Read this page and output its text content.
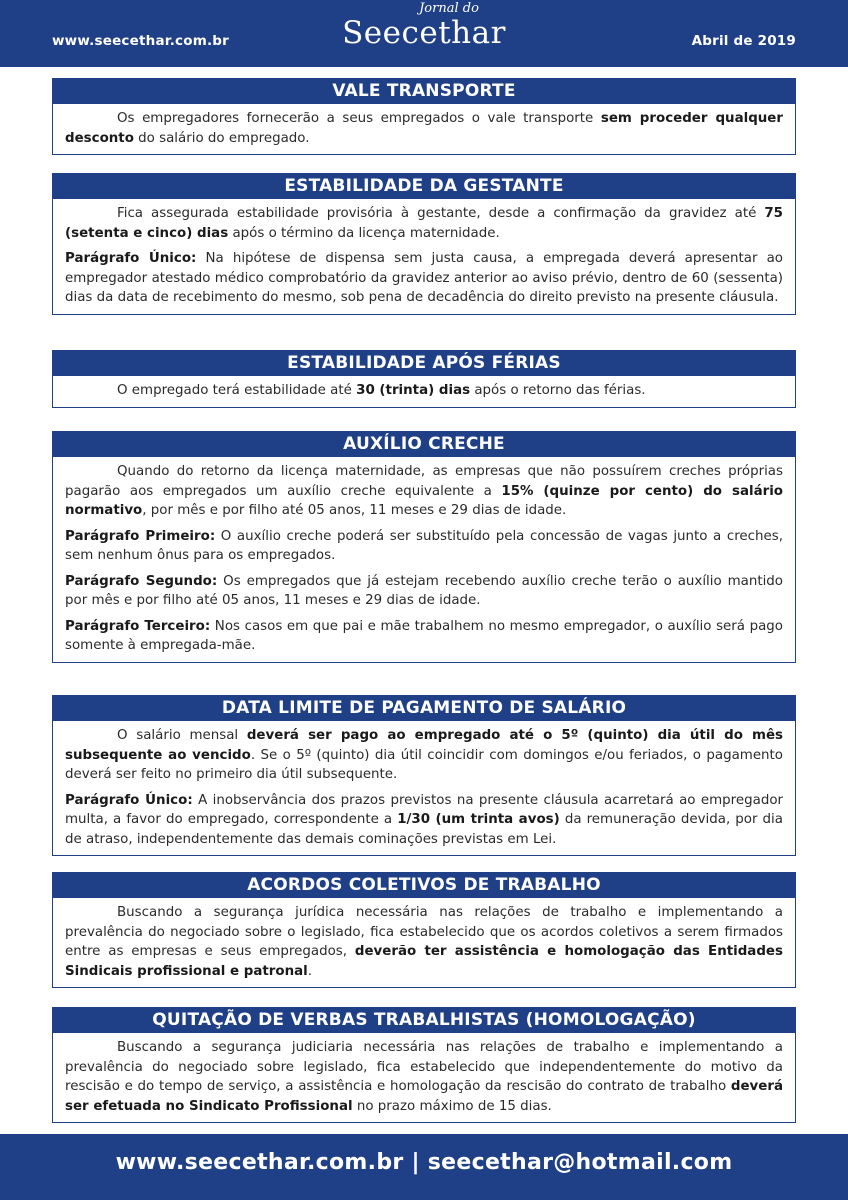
www.seecethar.com.br
Jornal do
Seecethar	Abril de 2019
VALE TRANSPORTE

Os empregadores fornecerão a seus empregados o vale transporte sem proceder qualquer desconto do salário do empregado.

ESTABILIDADE DA GESTANTE

Fica assegurada estabilidade provisória à gestante, desde a confirmação da gravidez até 75 (setenta e cinco) dias após o término da licença maternidade.

Parágrafo Único: Na hipótese de dispensa sem justa causa, a empregada deverá apresentar ao empregador atestado médico comprobatório da gravidez anterior ao aviso prévio, dentro de 60 (sessenta) dias da data de recebimento do mesmo, sob pena de decadência do direito previsto na presente cláusula.

ESTABILIDADE APÓS FÉRIAS

O empregado terá estabilidade até 30 (trinta) dias após o retorno das férias.

AUXÍLIO CRECHE

Quando do retorno da licença maternidade, as empresas que não possuírem creches próprias pagarão aos empregados um auxílio creche equivalente a 15% (quinze por cento) do salário normativo, por mês e por filho até 05 anos, 11 meses e 29 dias de idade.

Parágrafo Primeiro: O auxílio creche poderá ser substituído pela concessão de vagas junto a creches, sem nenhum ônus para os empregados.

Parágrafo Segundo: Os empregados que já estejam recebendo auxílio creche terão o auxílio mantido por mês e por filho até 05 anos, 11 meses e 29 dias de idade.

Parágrafo Terceiro: Nos casos em que pai e mãe trabalhem no mesmo empregador, o auxílio será pago somente à empregada-mãe.

DATA LIMITE DE PAGAMENTO DE SALÁRIO

O salário mensal deverá ser pago ao empregado até o 5º (quinto) dia útil do mês subsequente ao vencido. Se o 5º (quinto) dia útil coincidir com domingos e/ou feriados, o pagamento deverá ser feito no primeiro dia útil subsequente.

Parágrafo Único: A inobservância dos prazos previstos na presente cláusula acarretará ao empregador multa, a favor do empregado, correspondente a 1/30 (um trinta avos) da remuneração devida, por dia de atraso, independentemente das demais cominações previstas em Lei.

ACORDOS COLETIVOS DE TRABALHO

Buscando a segurança jurídica necessária nas relações de trabalho e implementando a prevalência do negociado sobre o legislado, fica estabelecido que os acordos coletivos a serem firmados entre as empresas e seus empregados, deverão ter assistência e homologação das Entidades Sindicais profissional e patronal.

QUITAÇÃO DE VERBAS TRABALHISTAS (HOMOLOGAÇÃO)

Buscando a segurança judiciaria necessária nas relações de trabalho e implementando a prevalência do negociado sobre legislado, fica estabelecido que independentemente do motivo da rescisão e do tempo de serviço, a assistência e homologação da rescisão do contrato de trabalho deverá ser efetuada no Sindicato Profissional no prazo máximo de 15 dias.

www.seecethar.com.br | seecethar@hotmail.com
